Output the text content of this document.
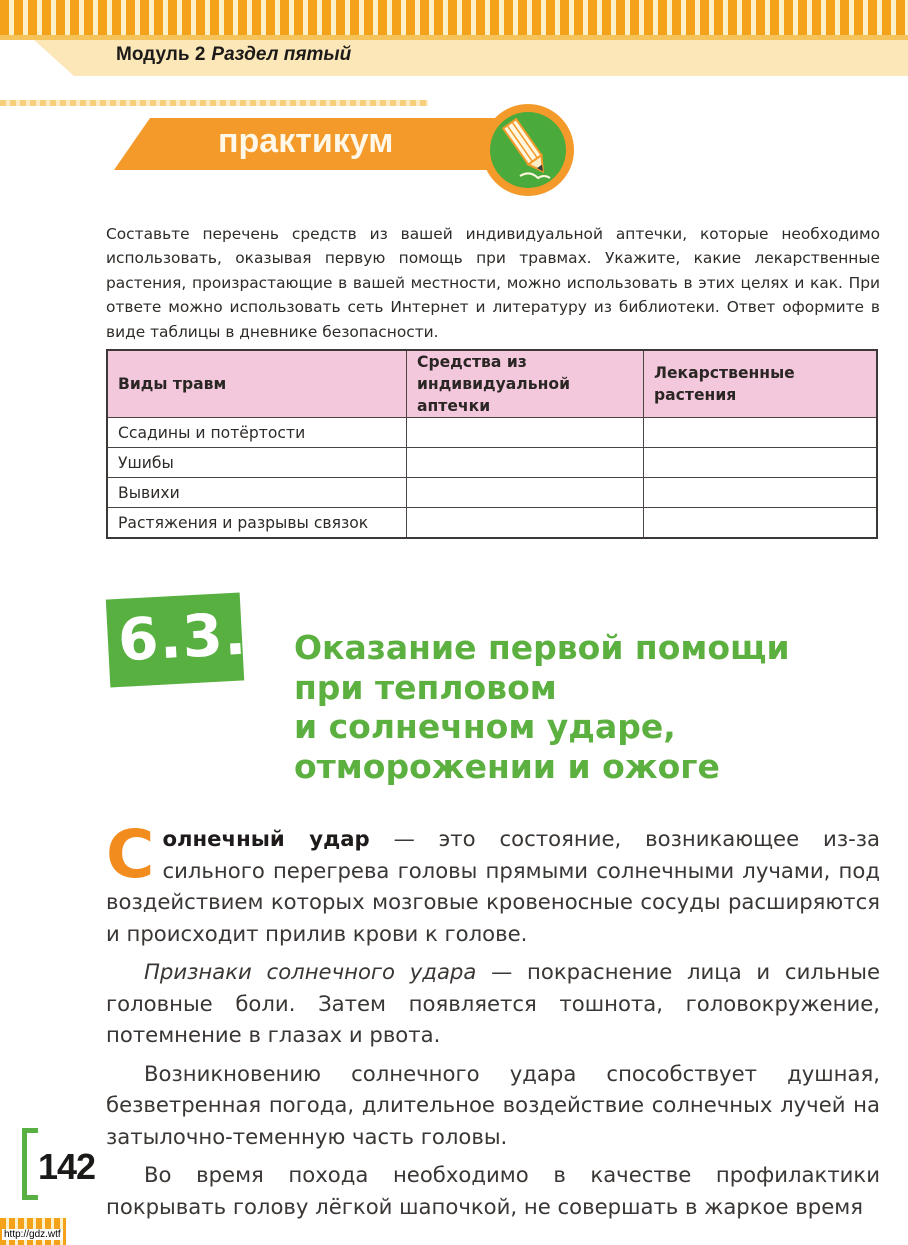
Модуль 2 Раздел пятый
практикум
Составьте перечень средств из вашей индивидуальной аптечки, которые необходимо использовать, оказывая первую помощь при травмах. Укажите, какие лекарственные растения, произрастающие в вашей местности, можно использовать в этих целях и как. При ответе можно использовать сеть Интернет и литературу из библиотеки. Ответ оформите в виде таблицы в дневнике безопасности.
Виды травм	Средства из индивидуальной аптечки	Лекарственные растения
Ссадины и потёртости		
Ушибы		
Вывихи		
Растяжения и разрывы связок		
6.3. Оказание первой помощи
при тепловом
и солнечном ударе,
отморожении и ожоге

Солнечный удар — это состояние, возникающее из-за сильного перегрева головы прямыми солнечными лучами, под воздействием которых мозговые кровеносные сосуды расширяются и происходит прилив крови к голове.

Признаки солнечного удара — покраснение лица и сильные головные боли. Затем появляется тошнота, головокружение, потемнение в глазах и рвота.

Возникновению солнечного удара способствует душная, безветренная погода, длительное воздействие солнечных лучей на затылочно-теменную часть головы.

Во время похода необходимо в качестве профилактики покрывать голову лёгкой шапочкой, не совершать в жаркое время

142
http://gdz.wtf
